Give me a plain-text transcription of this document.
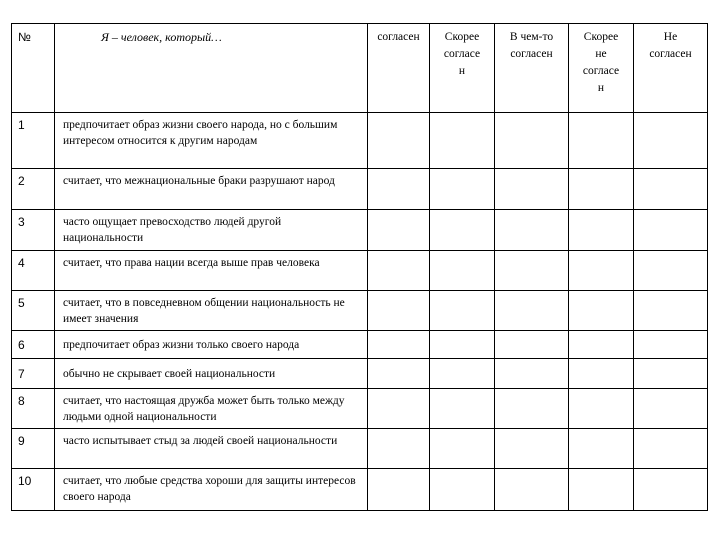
№	Я – человек, который…	согласен	Скорее
согласе
н	В чем-то
согласен	Скорее
не
согласе
н	Не
согласен

1	предпочитает образ жизни своего народа, но с большим интересом относится к другим народам					
2	считает, что межнациональные браки разрушают народ					
3	часто ощущает превосходство людей другой национальности					
4	считает, что права нации всегда выше прав человека					
5	считает, что в повседневном общении национальность не имеет значения					
6	предпочитает образ жизни только своего народа					
7	обычно не скрывает своей национальности					
8	считает, что настоящая дружба может быть только между людьми одной национальности					
9	часто испытывает стыд за людей своей национальности					
10	считает, что любые средства хороши для защиты интересов своего народа					
